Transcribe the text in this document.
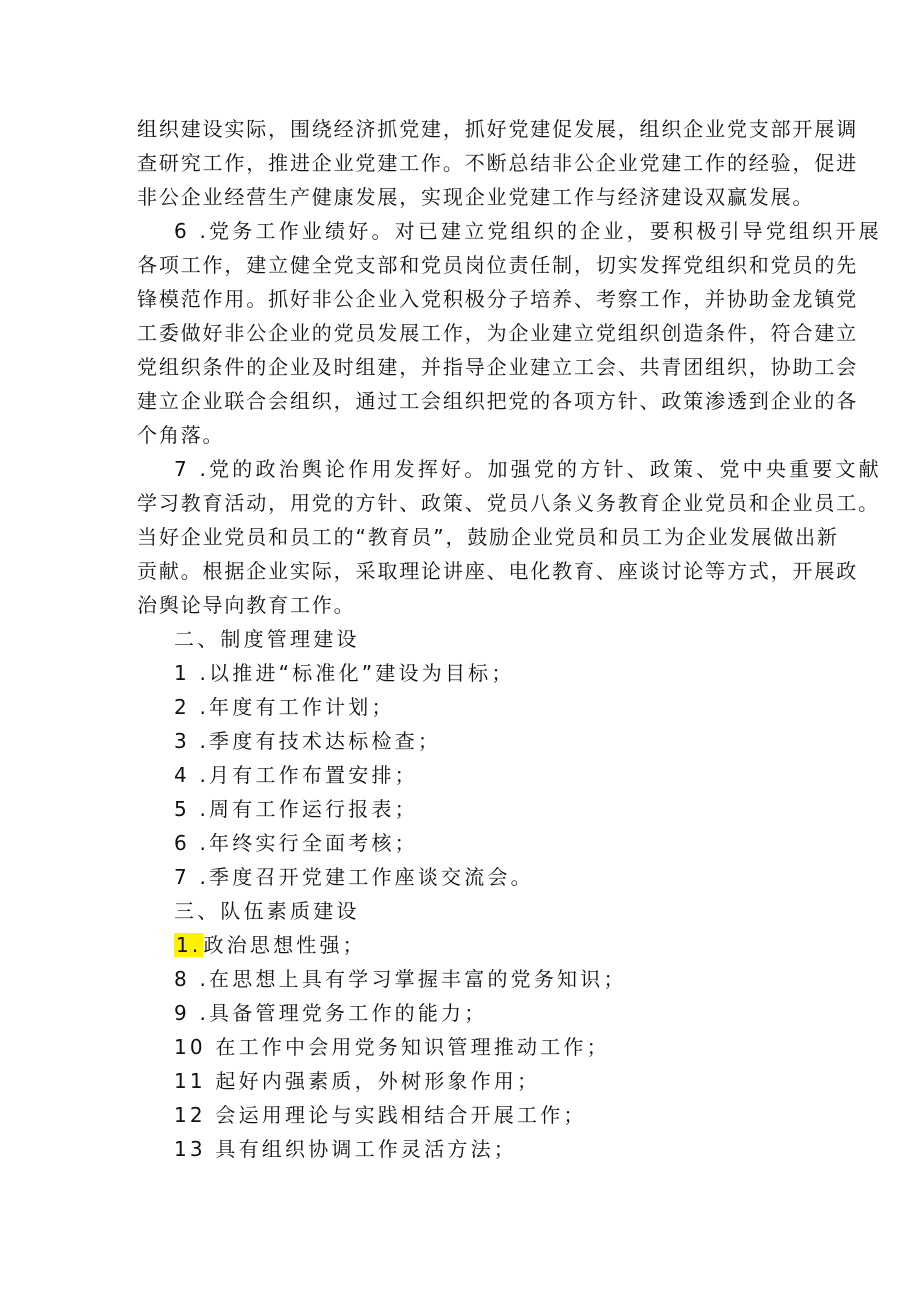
组织建设实际，围绕经济抓党建，抓好党建促发展，组织企业党支部开展调
查研究工作，推进企业党建工作。不断总结非公企业党建工作的经验，促进
非公企业经营生产健康发展，实现企业党建工作与经济建设双赢发展。
6 .党务工作业绩好。对已建立党组织的企业，要积极引导党组织开展
各项工作，建立健全党支部和党员岗位责任制，切实发挥党组织和党员的先
锋模范作用。抓好非公企业入党积极分子培养、考察工作，并协助金龙镇党
工委做好非公企业的党员发展工作，为企业建立党组织创造条件，符合建立
党组织条件的企业及时组建，并指导企业建立工会、共青团组织，协助工会
建立企业联合会组织，通过工会组织把党的各项方针、政策渗透到企业的各
个角落。
7 .党的政治舆论作用发挥好。加强党的方针、政策、党中央重要文献
学习教育活动，用党的方针、政策、党员八条义务教育企业党员和企业员工。
当好企业党员和员工的“教育员”，鼓励企业党员和员工为企业发展做出新
贡献。根据企业实际，采取理论讲座、电化教育、座谈讨论等方式，开展政
治舆论导向教育工作。
二、制度管理建设
1 .以推进“标准化”建设为目标；
2 .年度有工作计划；
3 .季度有技术达标检查；
4 .月有工作布置安排；
5 .周有工作运行报表；
6 .年终实行全面考核；
7 .季度召开党建工作座谈交流会。
三、队伍素质建设
1. 政治思想性强；
8 .在思想上具有学习掌握丰富的党务知识；
9 .具备管理党务工作的能力；
10 在工作中会用党务知识管理推动工作；
11 起好内强素质，外树形象作用；
12 会运用理论与实践相结合开展工作；
13 具有组织协调工作灵活方法；
